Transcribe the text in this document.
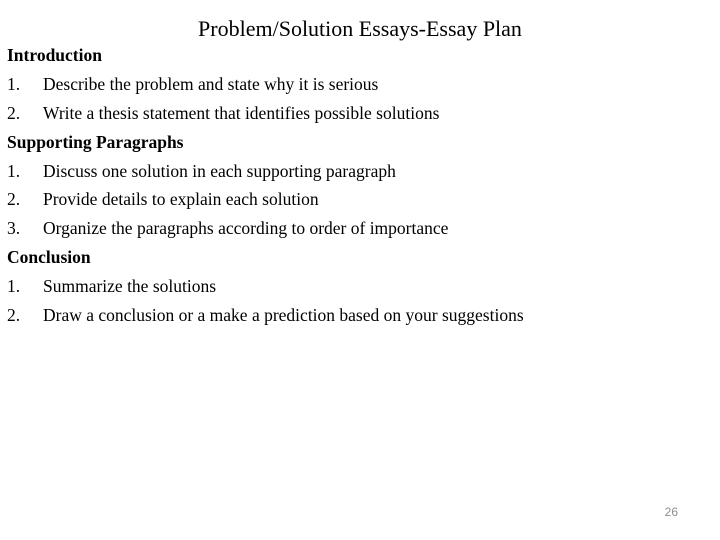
Problem/Solution Essays-Essay Plan
Introduction
1. Describe the problem and state why it is serious
2. Write a thesis statement that identifies possible solutions
Supporting Paragraphs
1. Discuss one solution in each supporting paragraph
2. Provide details to explain each solution
3. Organize the paragraphs according to order of importance
Conclusion
1. Summarize the solutions
2. Draw a conclusion or a make a prediction based on your suggestions
26
